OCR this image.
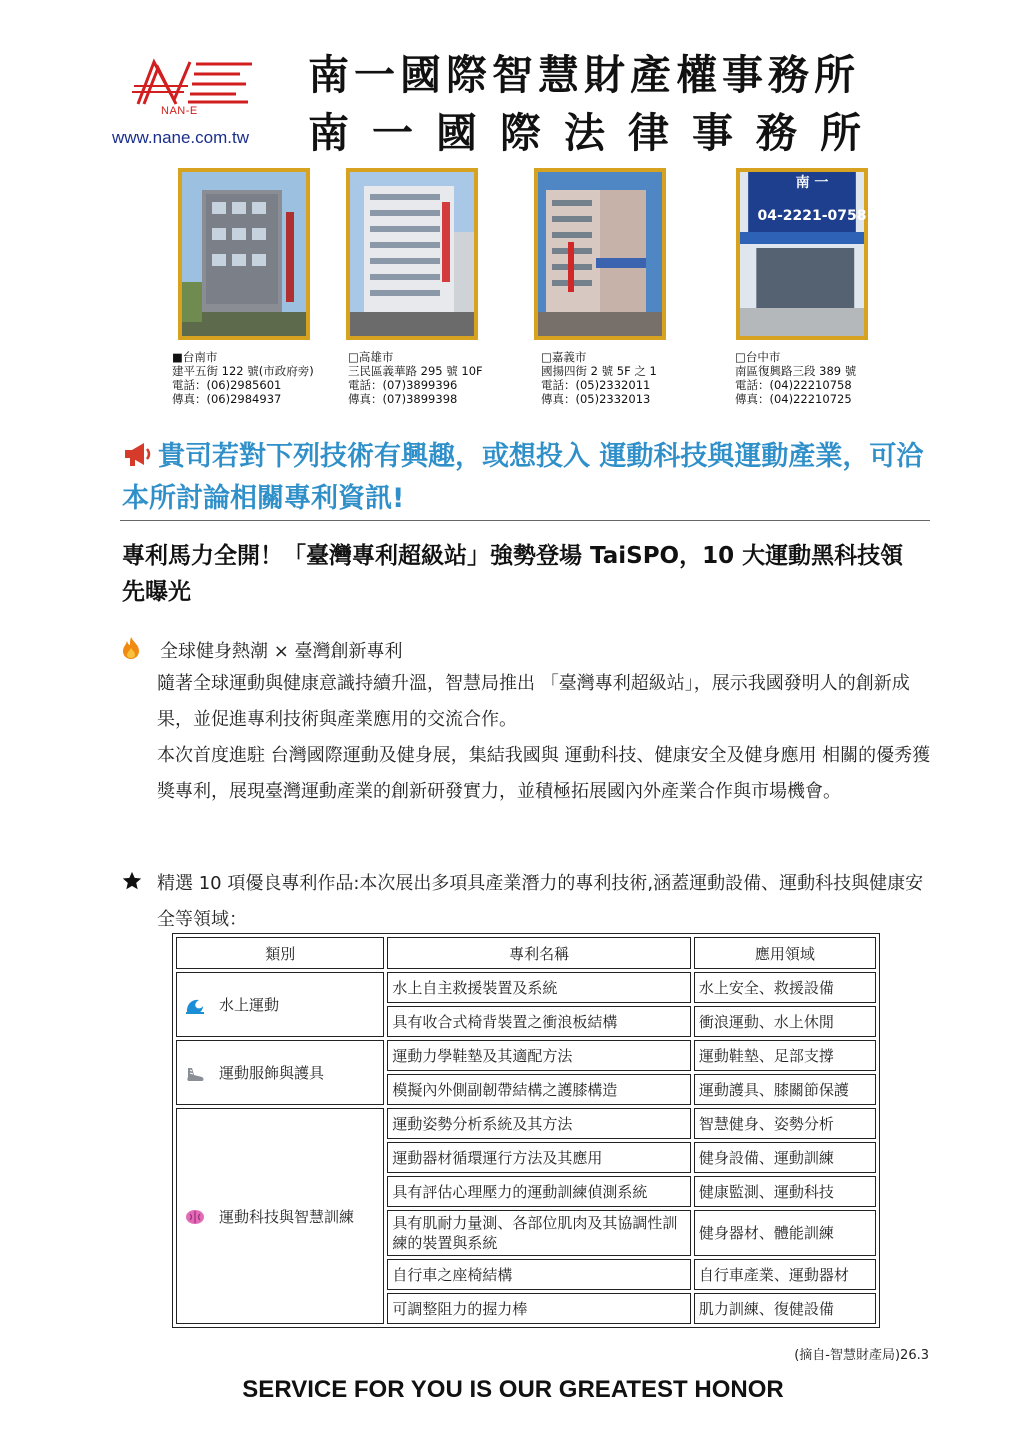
NAN-E
www.nane.com.tw
南一國際智慧財產權事務所
南一國際法律事務所
南 一
04-2221-0758
■台南市
建平五街 122 號(市政府旁)
電話：(06)2985601
傳真：(06)2984937
□高雄市
三民區義華路 295 號 10F
電話：(07)3899396
傳真：(07)3899398
□嘉義市
國揚四街 2 號 5F 之 1
電話：(05)2332011
傳真：(05)2332013
□台中市
南區復興路三段 389 號
電話：(04)22210758
傳真：(04)22210725
貴司若對下列技術有興趣，或想投入 運動科技與運動產業，可洽本所討論相關專利資訊!
專利馬力全開！「臺灣專利超級站」強勢登場 TaiSPO，10 大運動黑科技領先曝光
全球健身熱潮 × 臺灣創新專利
隨著全球運動與健康意識持續升溫，智慧局推出 「臺灣專利超級站」，展示我國發明人的創新成果，並促進專利技術與產業應用的交流合作。
本次首度進駐 台灣國際運動及健身展，集結我國與 運動科技、健康安全及健身應用 相關的優秀獲獎專利，展現臺灣運動產業的創新研發實力，並積極拓展國內外產業合作與市場機會。
精選 10 項優良專利作品:本次展出多項具產業潛力的專利技術,涵蓋運動設備、運動科技與健康安全等領域：
類別	專利名稱	應用領域
水上運動	水上自主救援裝置及系統	水上安全、救援設備
	具有收合式椅背裝置之衝浪板結構	衝浪運動、水上休閒
運動服飾與護具	運動力學鞋墊及其適配方法	運動鞋墊、足部支撐
	模擬內外側副韌帶結構之護膝構造	運動護具、膝關節保護
運動科技與智慧訓練	運動姿勢分析系統及其方法	智慧健身、姿勢分析
	運動器材循環運行方法及其應用	健身設備、運動訓練
	具有評估心理壓力的運動訓練偵測系統	健康監測、運動科技
	具有肌耐力量測、各部位肌肉及其協調性訓練的裝置與系統	健身器材、體能訓練
	自行車之座椅結構	自行車產業、運動器材
	可調整阻力的握力棒	肌力訓練、復健設備
(摘自-智慧財產局)26.3
SERVICE FOR YOU IS OUR GREATEST HONOR
